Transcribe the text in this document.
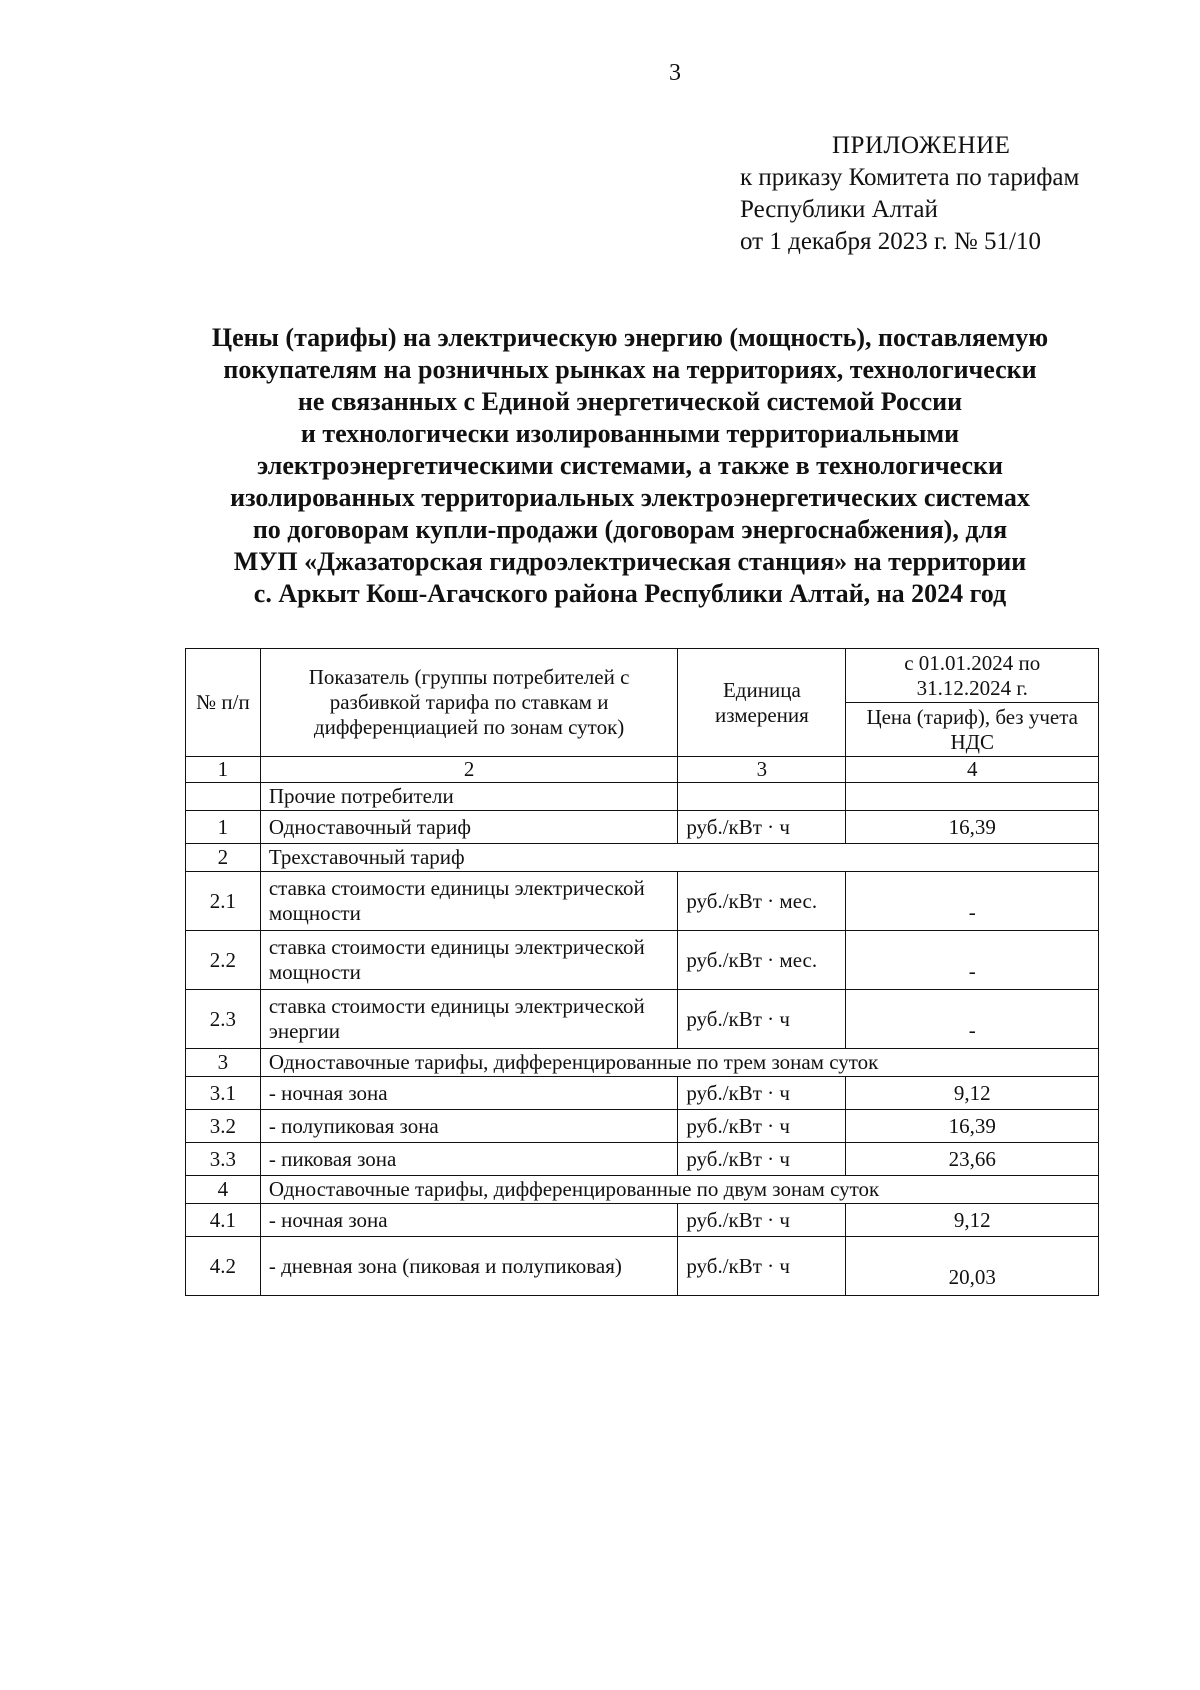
3
ПРИЛОЖЕНИЕ
к приказу Комитета по тарифам
Республики Алтай
от 1 декабря 2023 г. № 51/10
Цены (тарифы) на электрическую энергию (мощность), поставляемую
покупателям на розничных рынках на территориях, технологически
не связанных с Единой энергетической системой России
и технологически изолированными территориальными
электроэнергетическими системами, а также в технологически
изолированных территориальных электроэнергетических системах
по договорам купли-продажи (договорам энергоснабжения), для
МУП «Джазаторская гидроэлектрическая станция» на территории
с. Аркыт Кош-Агачского района Республики Алтай, на 2024 год
№ п/п	Показатель (группы потребителей с разбивкой тарифа по ставкам и дифференциацией по зонам суток)	Единица измерения	с 01.01.2024 по 31.12.2024 г.
			Цена (тариф), без учета НДС
1	2	3	4
	Прочие потребители		
1	Одноставочный тариф	руб./кВт · ч	16,39
2	Трехставочный тариф		
2.1	ставка стоимости единицы электрической мощности	руб./кВт · мес.	-
2.2	ставка стоимости единицы электрической мощности	руб./кВт · мес.	-
2.3	ставка стоимости единицы электрической энергии	руб./кВт · ч	-
3	Одноставочные тарифы, дифференцированные по трем зонам суток		
3.1	- ночная зона	руб./кВт · ч	9,12
3.2	- полупиковая зона	руб./кВт · ч	16,39
3.3	- пиковая зона	руб./кВт · ч	23,66
4	Одноставочные тарифы, дифференцированные по двум зонам суток		
4.1	- ночная зона	руб./кВт · ч	9,12
4.2	- дневная зона (пиковая и полупиковая)	руб./кВт · ч	20,03
